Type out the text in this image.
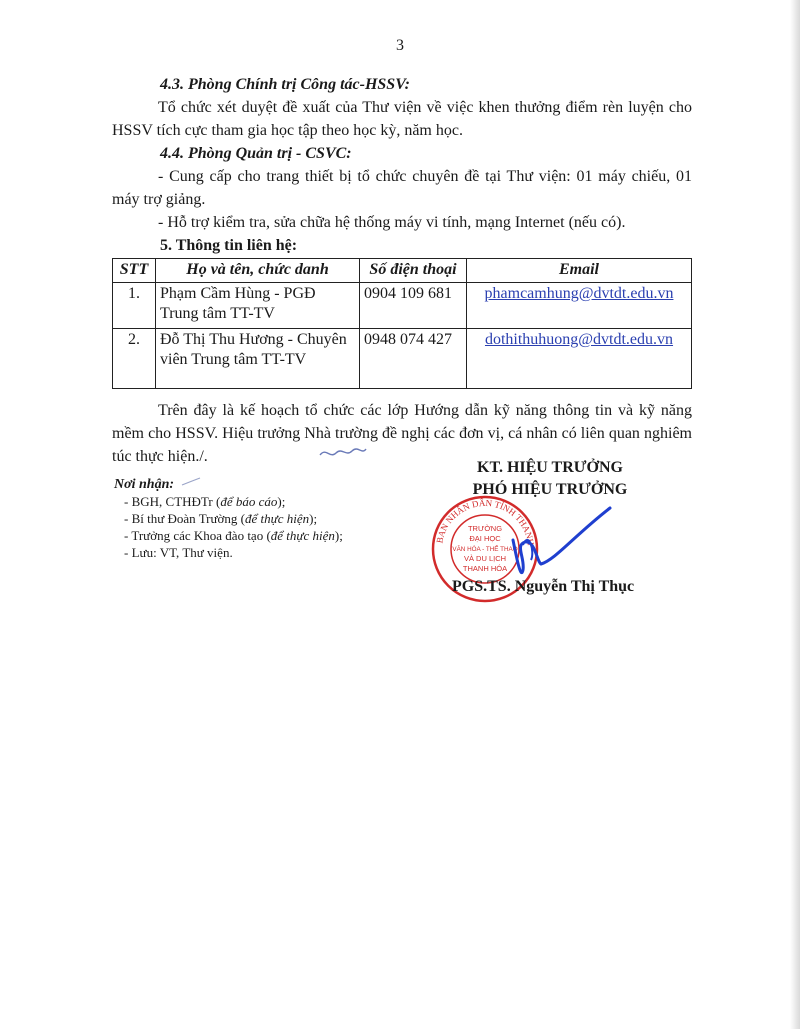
3
4.3. Phòng Chính trị Công tác-HSSV:
Tổ chức xét duyệt đề xuất của Thư viện về việc khen thưởng điểm rèn luyện cho HSSV tích cực tham gia học tập theo học kỳ, năm học.
4.4. Phòng Quản trị - CSVC:
- Cung cấp cho trang thiết bị tổ chức chuyên đề tại Thư viện: 01 máy chiếu, 01 máy trợ giảng.
- Hỗ trợ kiểm tra, sửa chữa hệ thống máy vi tính, mạng Internet (nếu có).
5. Thông tin liên hệ:
STT	Họ và tên, chức danh	Số điện thoại	Email
1.	Phạm Cầm Hùng - PGĐ Trung tâm TT-TV	0904 109 681	phamcamhung@dvtdt.edu.vn
2.	Đỗ Thị Thu Hương - Chuyên viên Trung tâm TT-TV	0948 074 427	dothithuhuong@dvtdt.edu.vn
Trên đây là kế hoạch tổ chức các lớp Hướng dẫn kỹ năng thông tin và kỹ năng mềm cho HSSV. Hiệu trưởng Nhà trường đề nghị các đơn vị, cá nhân có liên quan nghiêm túc thực hiện./.
Nơi nhận:
- BGH, CTHĐTr (để báo cáo);
- Bí thư Đoàn Trường (để thực hiện);
- Trưởng các Khoa đào tạo (để thực hiện);
- Lưu: VT, Thư viện.
KT. HIỆU TRƯỞNG
PHÓ HIỆU TRƯỞNG
BAN NHÂN DÂN TỈNH THANH
TRƯỜNG
ĐẠI HỌC
VĂN HÓA - THỂ THAO
VÀ DU LỊCH
THANH HÓA
PGS.TS. Nguyễn Thị Thục
